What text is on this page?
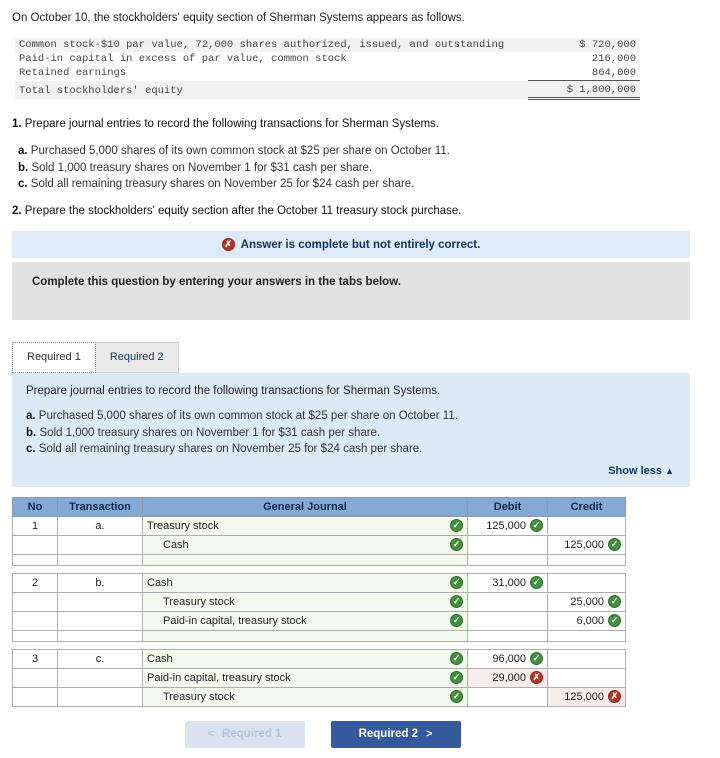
On October 10, the stockholders' equity section of Sherman Systems appears as follows.
Common stock-$10 par value, 72,000 shares authorized, issued, and outstanding	$ 720,000
Paid-in capital in excess of par value, common stock	216,000
Retained earnings	864,000
Total stockholders' equity	$ 1,800,000
1. Prepare journal entries to record the following transactions for Sherman Systems.
a. Purchased 5,000 shares of its own common stock at $25 per share on October 11.
b. Sold 1,000 treasury shares on November 1 for $31 cash per share.
c. Sold all remaining treasury shares on November 25 for $24 cash per share.
2. Prepare the stockholders' equity section after the October 11 treasury stock purchase.
✗ Answer is complete but not entirely correct.
Complete this question by entering your answers in the tabs below.
Required 1	Required 2
Prepare journal entries to record the following transactions for Sherman Systems.
a. Purchased 5,000 shares of its own common stock at $25 per share on October 11.
b. Sold 1,000 treasury shares on November 1 for $31 cash per share.
c. Sold all remaining treasury shares on November 25 for $24 cash per share.
Show less ▲
No	Transaction	General Journal	Debit	Credit
1	a.	Treasury stock ✓	125,000 ✓	

		Cash ✓		125,000 ✓

2	b.	Cash ✓	31,000 ✓	

		Treasury stock ✓		25,000 ✓

		Paid-in capital, treasury stock ✓		6,000 ✓

3	c.	Cash ✓	96,000 ✓	

		Paid-in capital, treasury stock ✓	29,000 ✗	

		Treasury stock ✓		125,000 ✗
< Required 1	Required 2 >
